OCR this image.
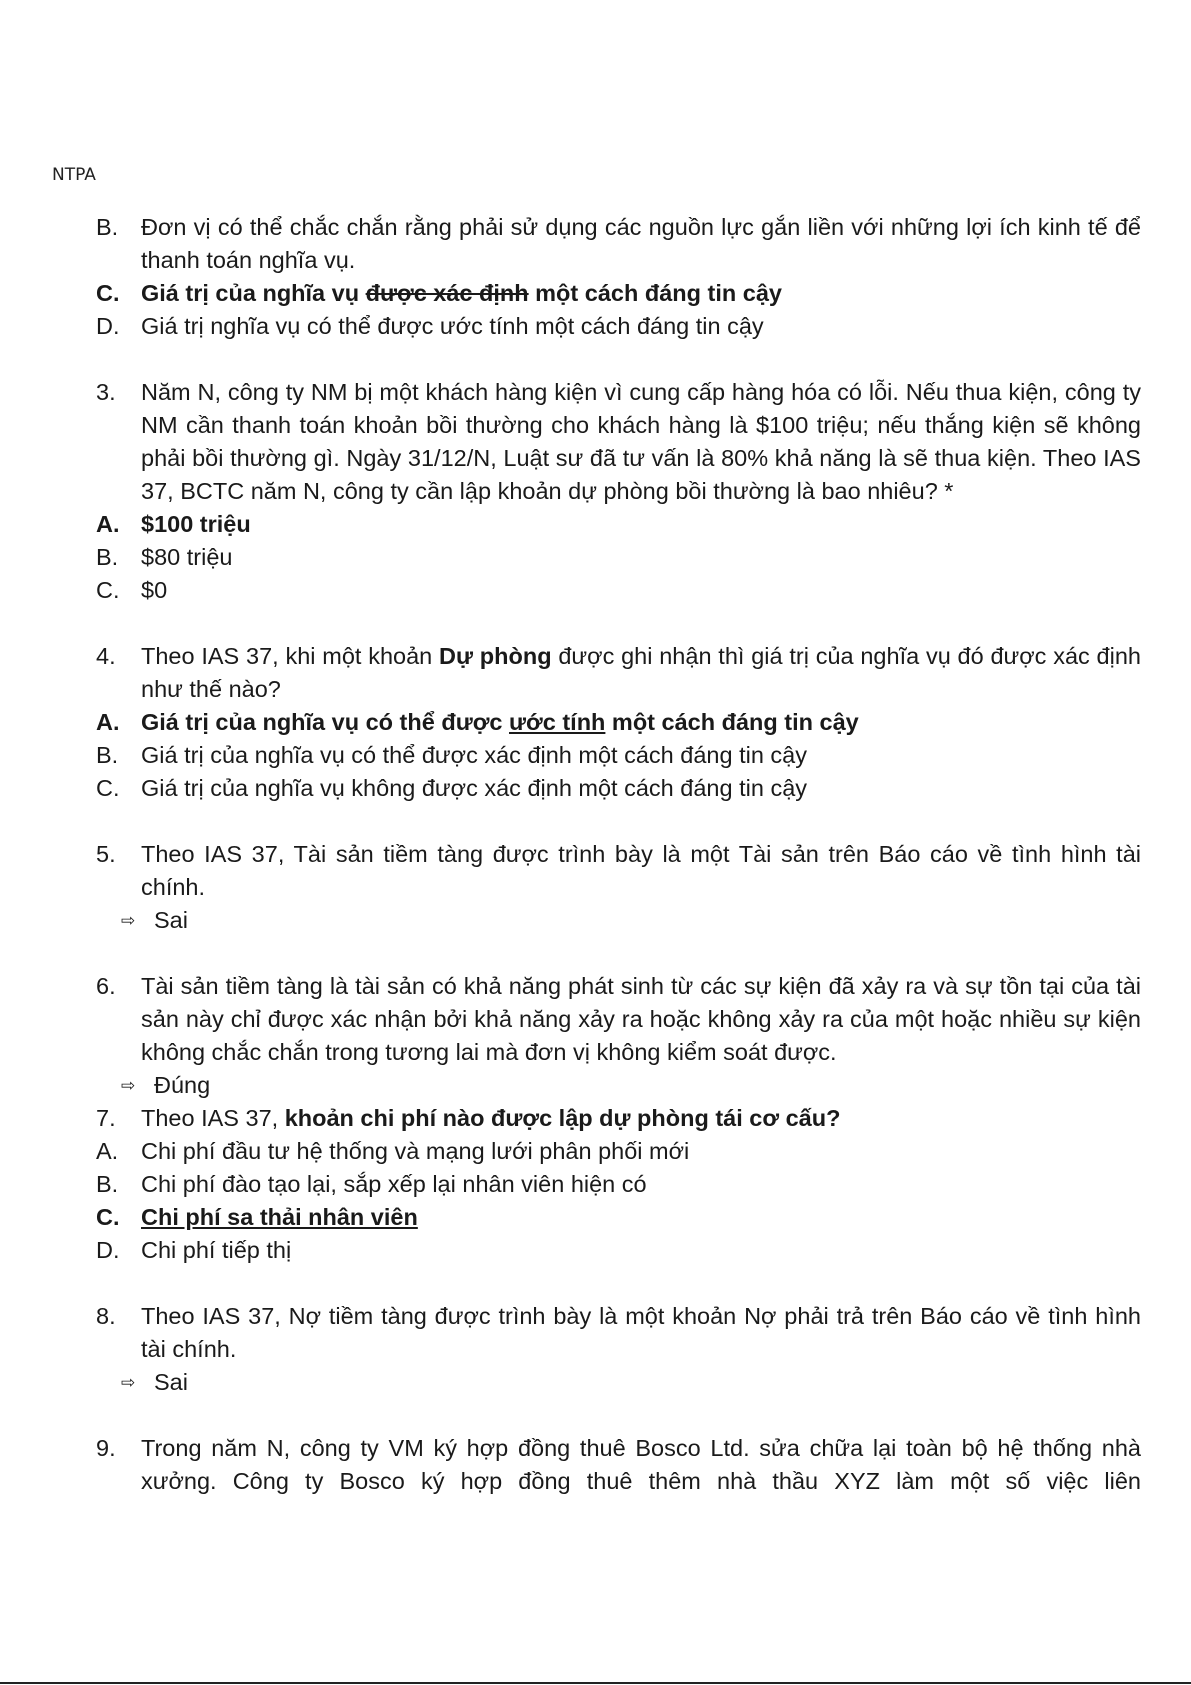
NTPA
B. Đơn vị có thể chắc chắn rằng phải sử dụng các nguồn lực gắn liền với những lợi ích kinh tế để thanh toán nghĩa vụ.
C. Giá trị của nghĩa vụ được xác định một cách đáng tin cậy
D. Giá trị nghĩa vụ có thể được ước tính một cách đáng tin cậy
3.	Năm N, công ty NM bị một khách hàng kiện vì cung cấp hàng hóa có lỗi. Nếu thua kiện, công ty NM cần thanh toán khoản bồi thường cho khách hàng là $100 triệu; nếu thắng kiện sẽ không phải bồi thường gì. Ngày 31/12/N, Luật sư đã tư vấn là 80% khả năng là sẽ thua kiện. Theo IAS 37, BCTC năm N, công ty cần lập khoản dự phòng bồi thường là bao nhiêu? *
A. $100 triệu
B. $80 triệu
C. $0
4.	Theo IAS 37, khi một khoản Dự phòng được ghi nhận thì giá trị của nghĩa vụ đó được xác định như thế nào?
A. Giá trị của nghĩa vụ có thể được ước tính một cách đáng tin cậy
B. Giá trị của nghĩa vụ có thể được xác định một cách đáng tin cậy
C. Giá trị của nghĩa vụ không được xác định một cách đáng tin cậy
5.	Theo IAS 37, Tài sản tiềm tàng được trình bày là một Tài sản trên Báo cáo về tình hình tài chính.
⇨ Sai
6.	Tài sản tiềm tàng là tài sản có khả năng phát sinh từ các sự kiện đã xảy ra và sự tồn tại của tài sản này chỉ được xác nhận bởi khả năng xảy ra hoặc không xảy ra của một hoặc nhiều sự kiện không chắc chắn trong tương lai mà đơn vị không kiểm soát được.
⇨ Đúng
7.	Theo IAS 37, khoản chi phí nào được lập dự phòng tái cơ cấu?
A. Chi phí đầu tư hệ thống và mạng lưới phân phối mới
B. Chi phí đào tạo lại, sắp xếp lại nhân viên hiện có
C. Chi phí sa thải nhân viên
D. Chi phí tiếp thị
8.	Theo IAS 37, Nợ tiềm tàng được trình bày là một khoản Nợ phải trả trên Báo cáo về tình hình tài chính.
⇨ Sai
9.	Trong năm N, công ty VM ký hợp đồng thuê Bosco Ltd. sửa chữa lại toàn bộ hệ thống nhà xưởng. Công ty Bosco ký hợp đồng thuê thêm nhà thầu XYZ làm một số việc liên
